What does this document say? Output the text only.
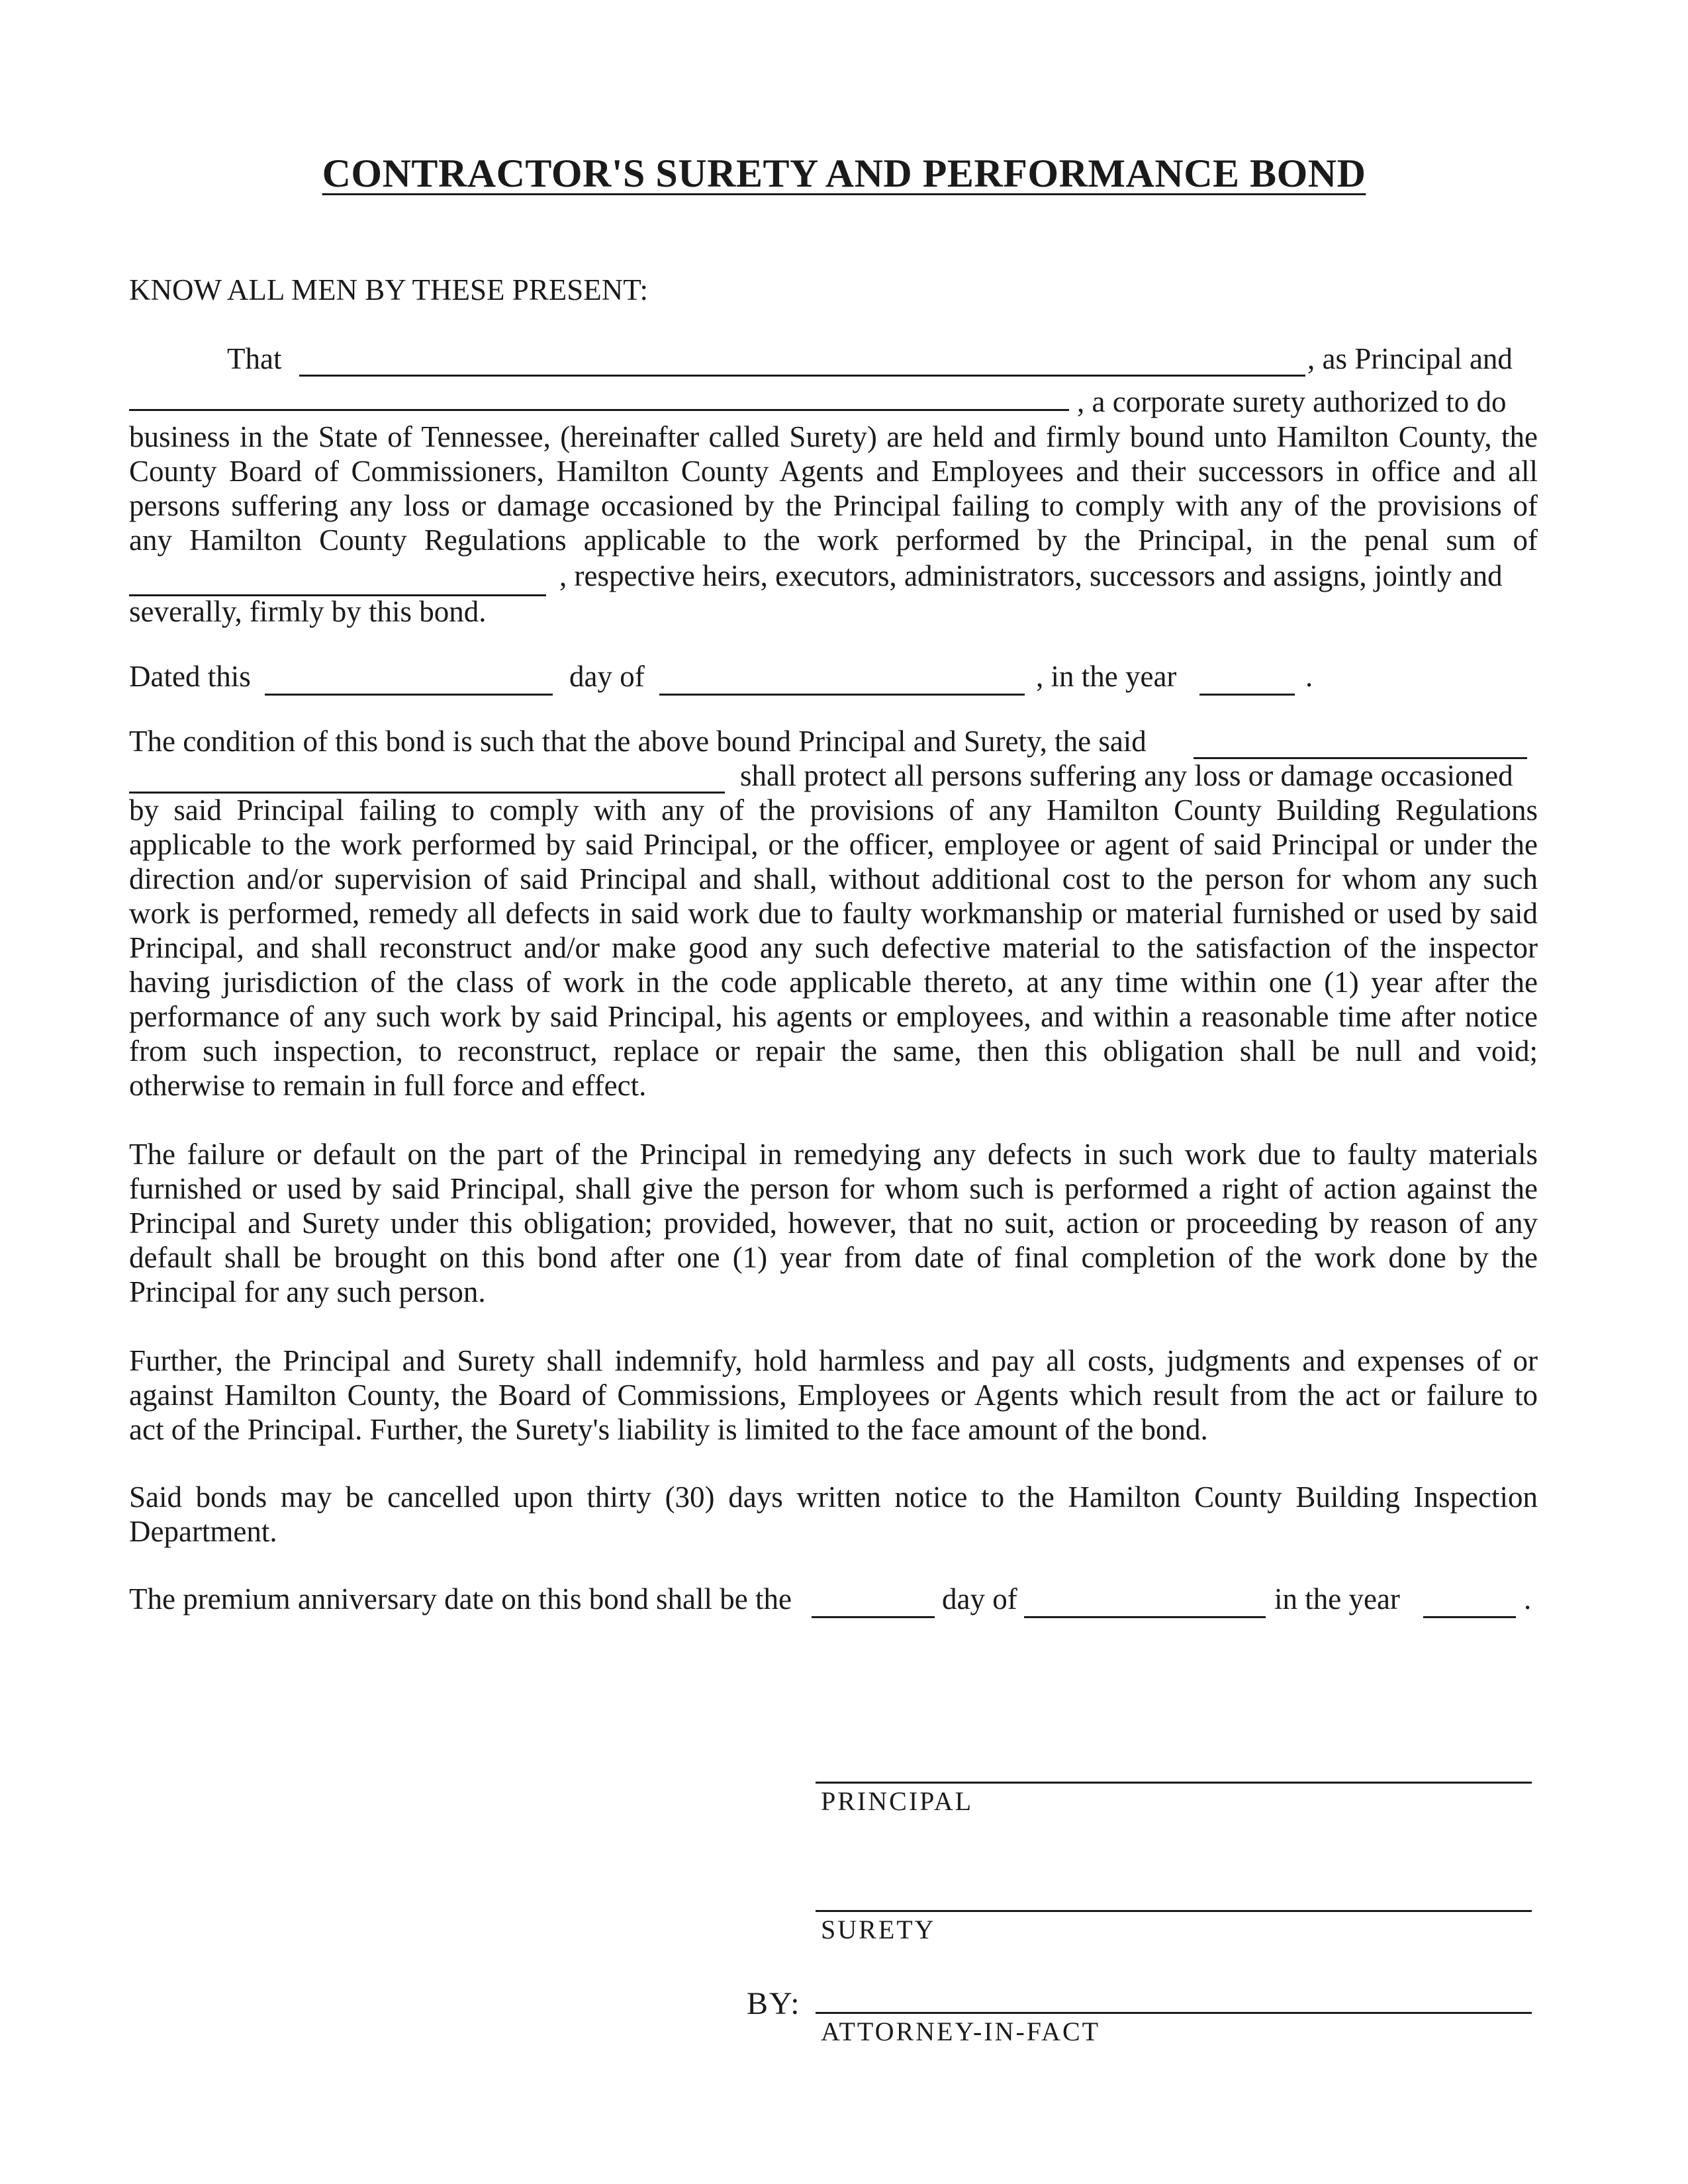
CONTRACTOR'S SURETY AND PERFORMANCE BOND
KNOW ALL MEN BY THESE PRESENT:
That	, as Principal and
, a corporate surety authorized to do
business in the State of Tennessee, (hereinafter called Surety) are held and firmly bound unto Hamilton County, the
County Board of Commissioners, Hamilton County Agents and Employees and their successors in office and all
persons suffering any loss or damage occasioned by the Principal failing to comply with any of the provisions of
any Hamilton County Regulations applicable to the work performed by the Principal, in the penal sum of
, respective heirs, executors, administrators, successors and assigns, jointly and
severally, firmly by this bond.
Dated this	day of	, in the year	.
The condition of this bond is such that the above bound Principal and Surety, the said
shall protect all persons suffering any loss or damage occasioned
by said Principal failing to comply with any of the provisions of any Hamilton County Building Regulations
applicable to the work performed by said Principal, or the officer, employee or agent of said Principal or under the
direction and/or supervision of said Principal and shall, without additional cost to the person for whom any such
work is performed, remedy all defects in said work due to faulty workmanship or material furnished or used by said
Principal, and shall reconstruct and/or make good any such defective material to the satisfaction of the inspector
having jurisdiction of the class of work in the code applicable thereto, at any time within one (1) year after the
performance of any such work by said Principal, his agents or employees, and within a reasonable time after notice
from such inspection, to reconstruct, replace or repair the same, then this obligation shall be null and void;
otherwise to remain in full force and effect.
The failure or default on the part of the Principal in remedying any defects in such work due to faulty materials
furnished or used by said Principal, shall give the person for whom such is performed a right of action against the
Principal and Surety under this obligation; provided, however, that no suit, action or proceeding by reason of any
default shall be brought on this bond after one (1) year from date of final completion of the work done by the
Principal for any such person.
Further, the Principal and Surety shall indemnify, hold harmless and pay all costs, judgments and expenses of or
against Hamilton County, the Board of Commissions, Employees or Agents which result from the act or failure to
act of the Principal. Further, the Surety's liability is limited to the face amount of the bond.
Said bonds may be cancelled upon thirty (30) days written notice to the Hamilton County Building Inspection
Department.
The premium anniversary date on this bond shall be the	day of	in the year	.
PRINCIPAL
SURETY
BY:
ATTORNEY-IN-FACT
